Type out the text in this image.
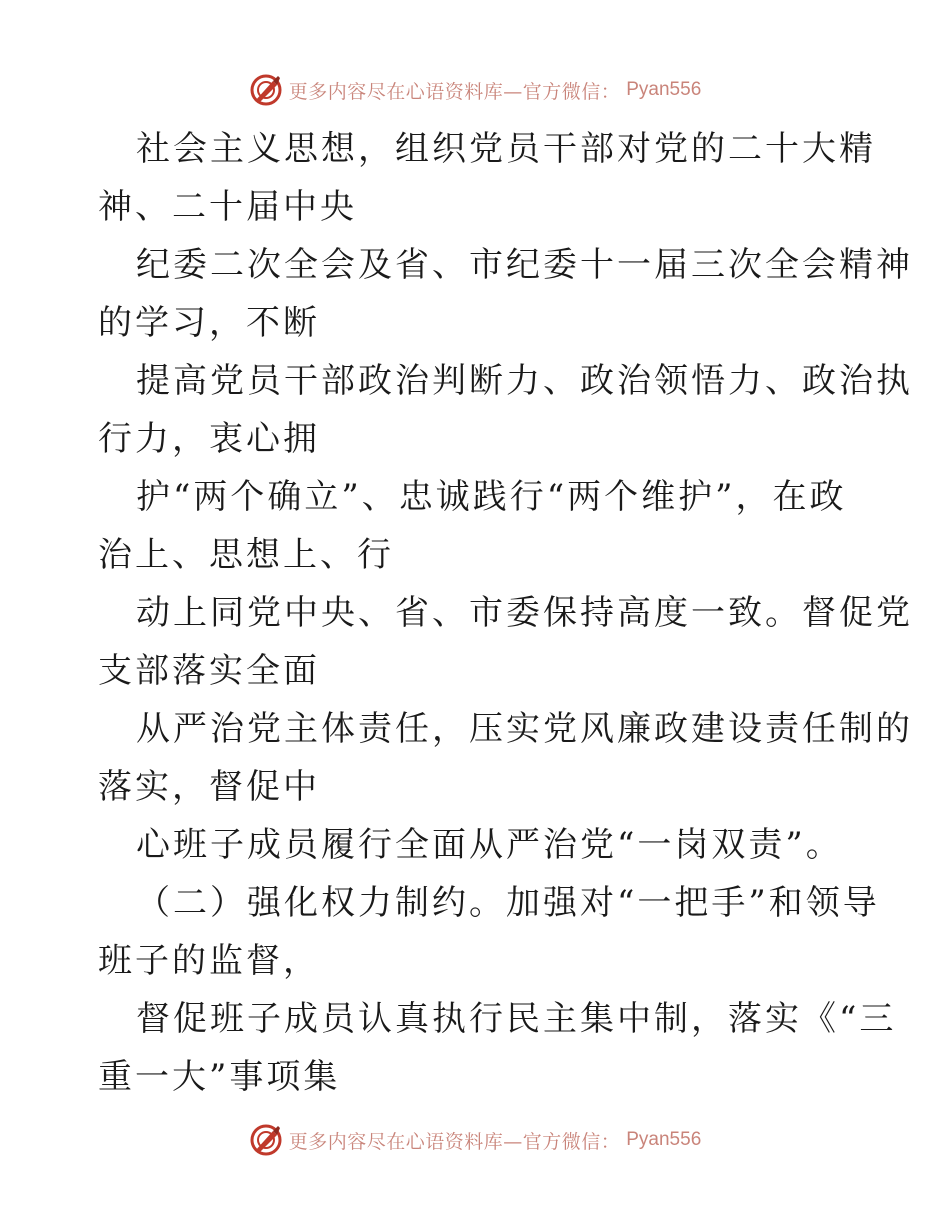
更多内容尽在心语资料库—官方微信： Pyan556
社会主义思想，组织党员干部对党的二十大精
神、二十届中央
纪委二次全会及省、市纪委十一届三次全会精神
的学习，不断
提高党员干部政治判断力、政治领悟力、政治执
行力，衷心拥
护“两个确立”、忠诚践行“两个维护”，在政
治上、思想上、行
动上同党中央、省、市委保持高度一致。督促党
支部落实全面
从严治党主体责任，压实党风廉政建设责任制的
落实，督促中
心班子成员履行全面从严治党“一岗双责”。
（二）强化权力制约。加强对“一把手”和领导
班子的监督，
督促班子成员认真执行民主集中制，落实《“三
重一大”事项集
更多内容尽在心语资料库—官方微信： Pyan556
